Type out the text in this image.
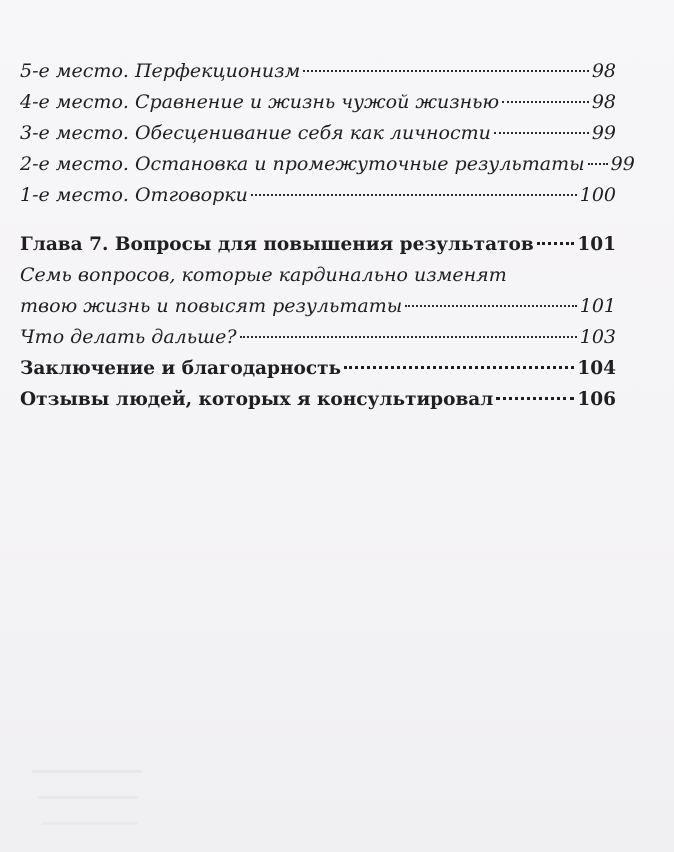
5-е место. Перфекционизм	98
4-е место. Сравнение и жизнь чужой жизнью	98
3-е место. Обесценивание себя как личности	99
2-е место. Остановка и промежуточные результаты 99
1-е место. Отговорки	100
Глава 7. Вопросы для повышения результатов 101
Семь вопросов, которые кардинально изменят
твою жизнь и повысят результаты	101
Что делать дальше?	103
Заключение и благодарность	104
Отзывы людей, которых я консультировал	106
